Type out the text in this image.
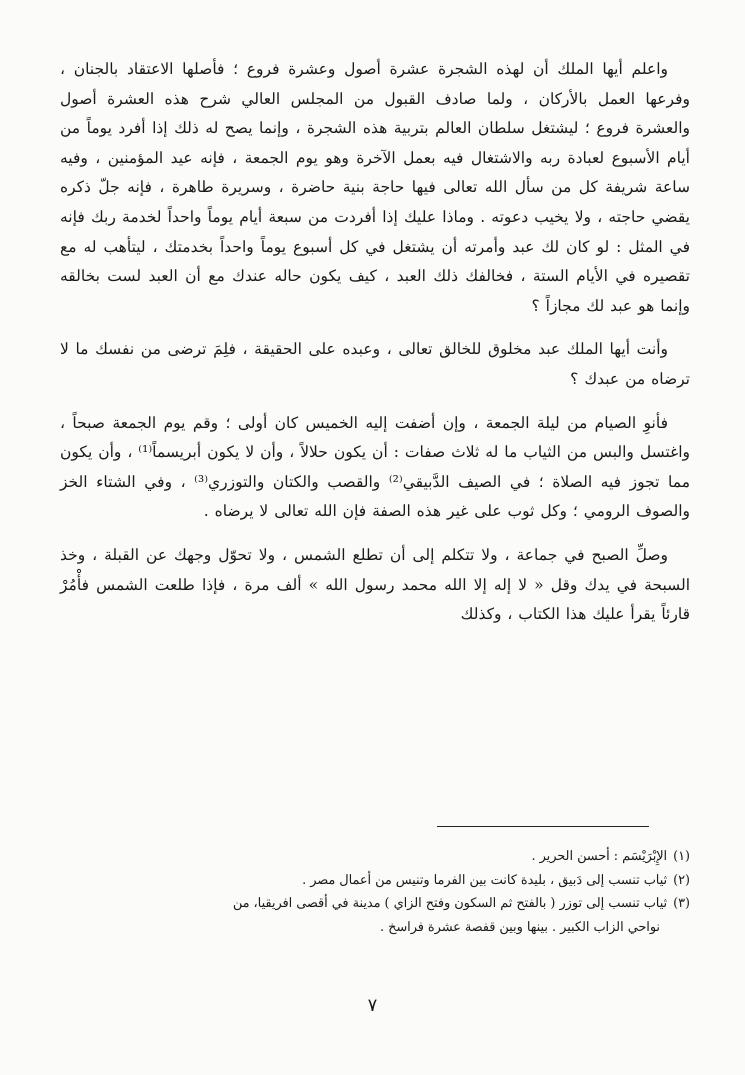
واعلم أيها الملك أن لهذه الشجرة عشرة أصول وعشرة فروع ؛ فأصلها الاعتقاد بالجنان ، وفرعها العمل بالأركان ، ولما صادف القبول من المجلس العالي شرح هذه العشرة أصول والعشرة فروع ؛ ليشتغل سلطان العالم بتربية هذه الشجرة ، وإنما يصح له ذلك إذا أفرد يوماً من أيام الأسبوع لعبادة ربه والاشتغال فيه بعمل الآخرة وهو يوم الجمعة ، فإنه عيد المؤمنين ، وفيه ساعة شريفة كل من سأل الله تعالى فيها حاجة بنية حاضرة ، وسريرة طاهرة ، فإنه جلّ ذكره يقضي حاجته ، ولا يخيب دعوته . وماذا عليك إذا أفردت من سبعة أيام يوماً واحداً لخدمة ربك فإنه في المثل : لو كان لك عبد وأمرته أن يشتغل في كل أسبوع يوماً واحداً بخدمتك ، ليتأهب له مع تقصيره في الأيام الستة ، فخالفك ذلك العبد ، كيف يكون حاله عندك مع أن العبد لست بخالقه وإنما هو عبد لك مجازاً ؟

وأنت أيها الملك عبد مخلوق للخالق تعالى ، وعبده على الحقيقة ، فلِمَ ترضى من نفسك ما لا ترضاه من عبدك ؟

فأنوِ الصيام من ليلة الجمعة ، وإن أضفت إليه الخميس كان أولى ؛ وقم يوم الجمعة صبحاً ، واغتسل والبس من الثياب ما له ثلاث صفات : أن يكون حلالاً ، وأن لا يكون أبريسماً⁽¹⁾ ، وأن يكون مما تجوز فيه الصلاة ؛ في الصيف الدَّبيقي⁽²⁾ والقصب والكتان والتوزري⁽³⁾ ، وفي الشتاء الخز والصوف الرومي ؛ وكل ثوب على غير هذه الصفة فإن الله تعالى لا يرضاه .

وصلِّ الصبح في جماعة ، ولا تتكلم إلى أن تطلع الشمس ، ولا تحوّل وجهك عن القبلة ، وخذ السبحة في يدك وقل « لا إله إلا الله محمد رسول الله » ألف مرة ، فإذا طلعت الشمس فأْمُرْ قارئاً يقرأ عليك هذا الكتاب ، وكذلك

(١)الإِبْرَيْسَم : أحسن الحرير .

(٢)ثياب تنسب إلى دَبيق ، بليدة كانت بين الفرما وتنيس من أعمال مصر .

(٣)ثياب تنسب إلى توزر ( بالفتح ثم السكون وفتح الزاي ) مدينة في أقصى افريقيا، من

نواحي الزاب الكبير . بينها وبين قفصة عشرة فراسخ .

٧
